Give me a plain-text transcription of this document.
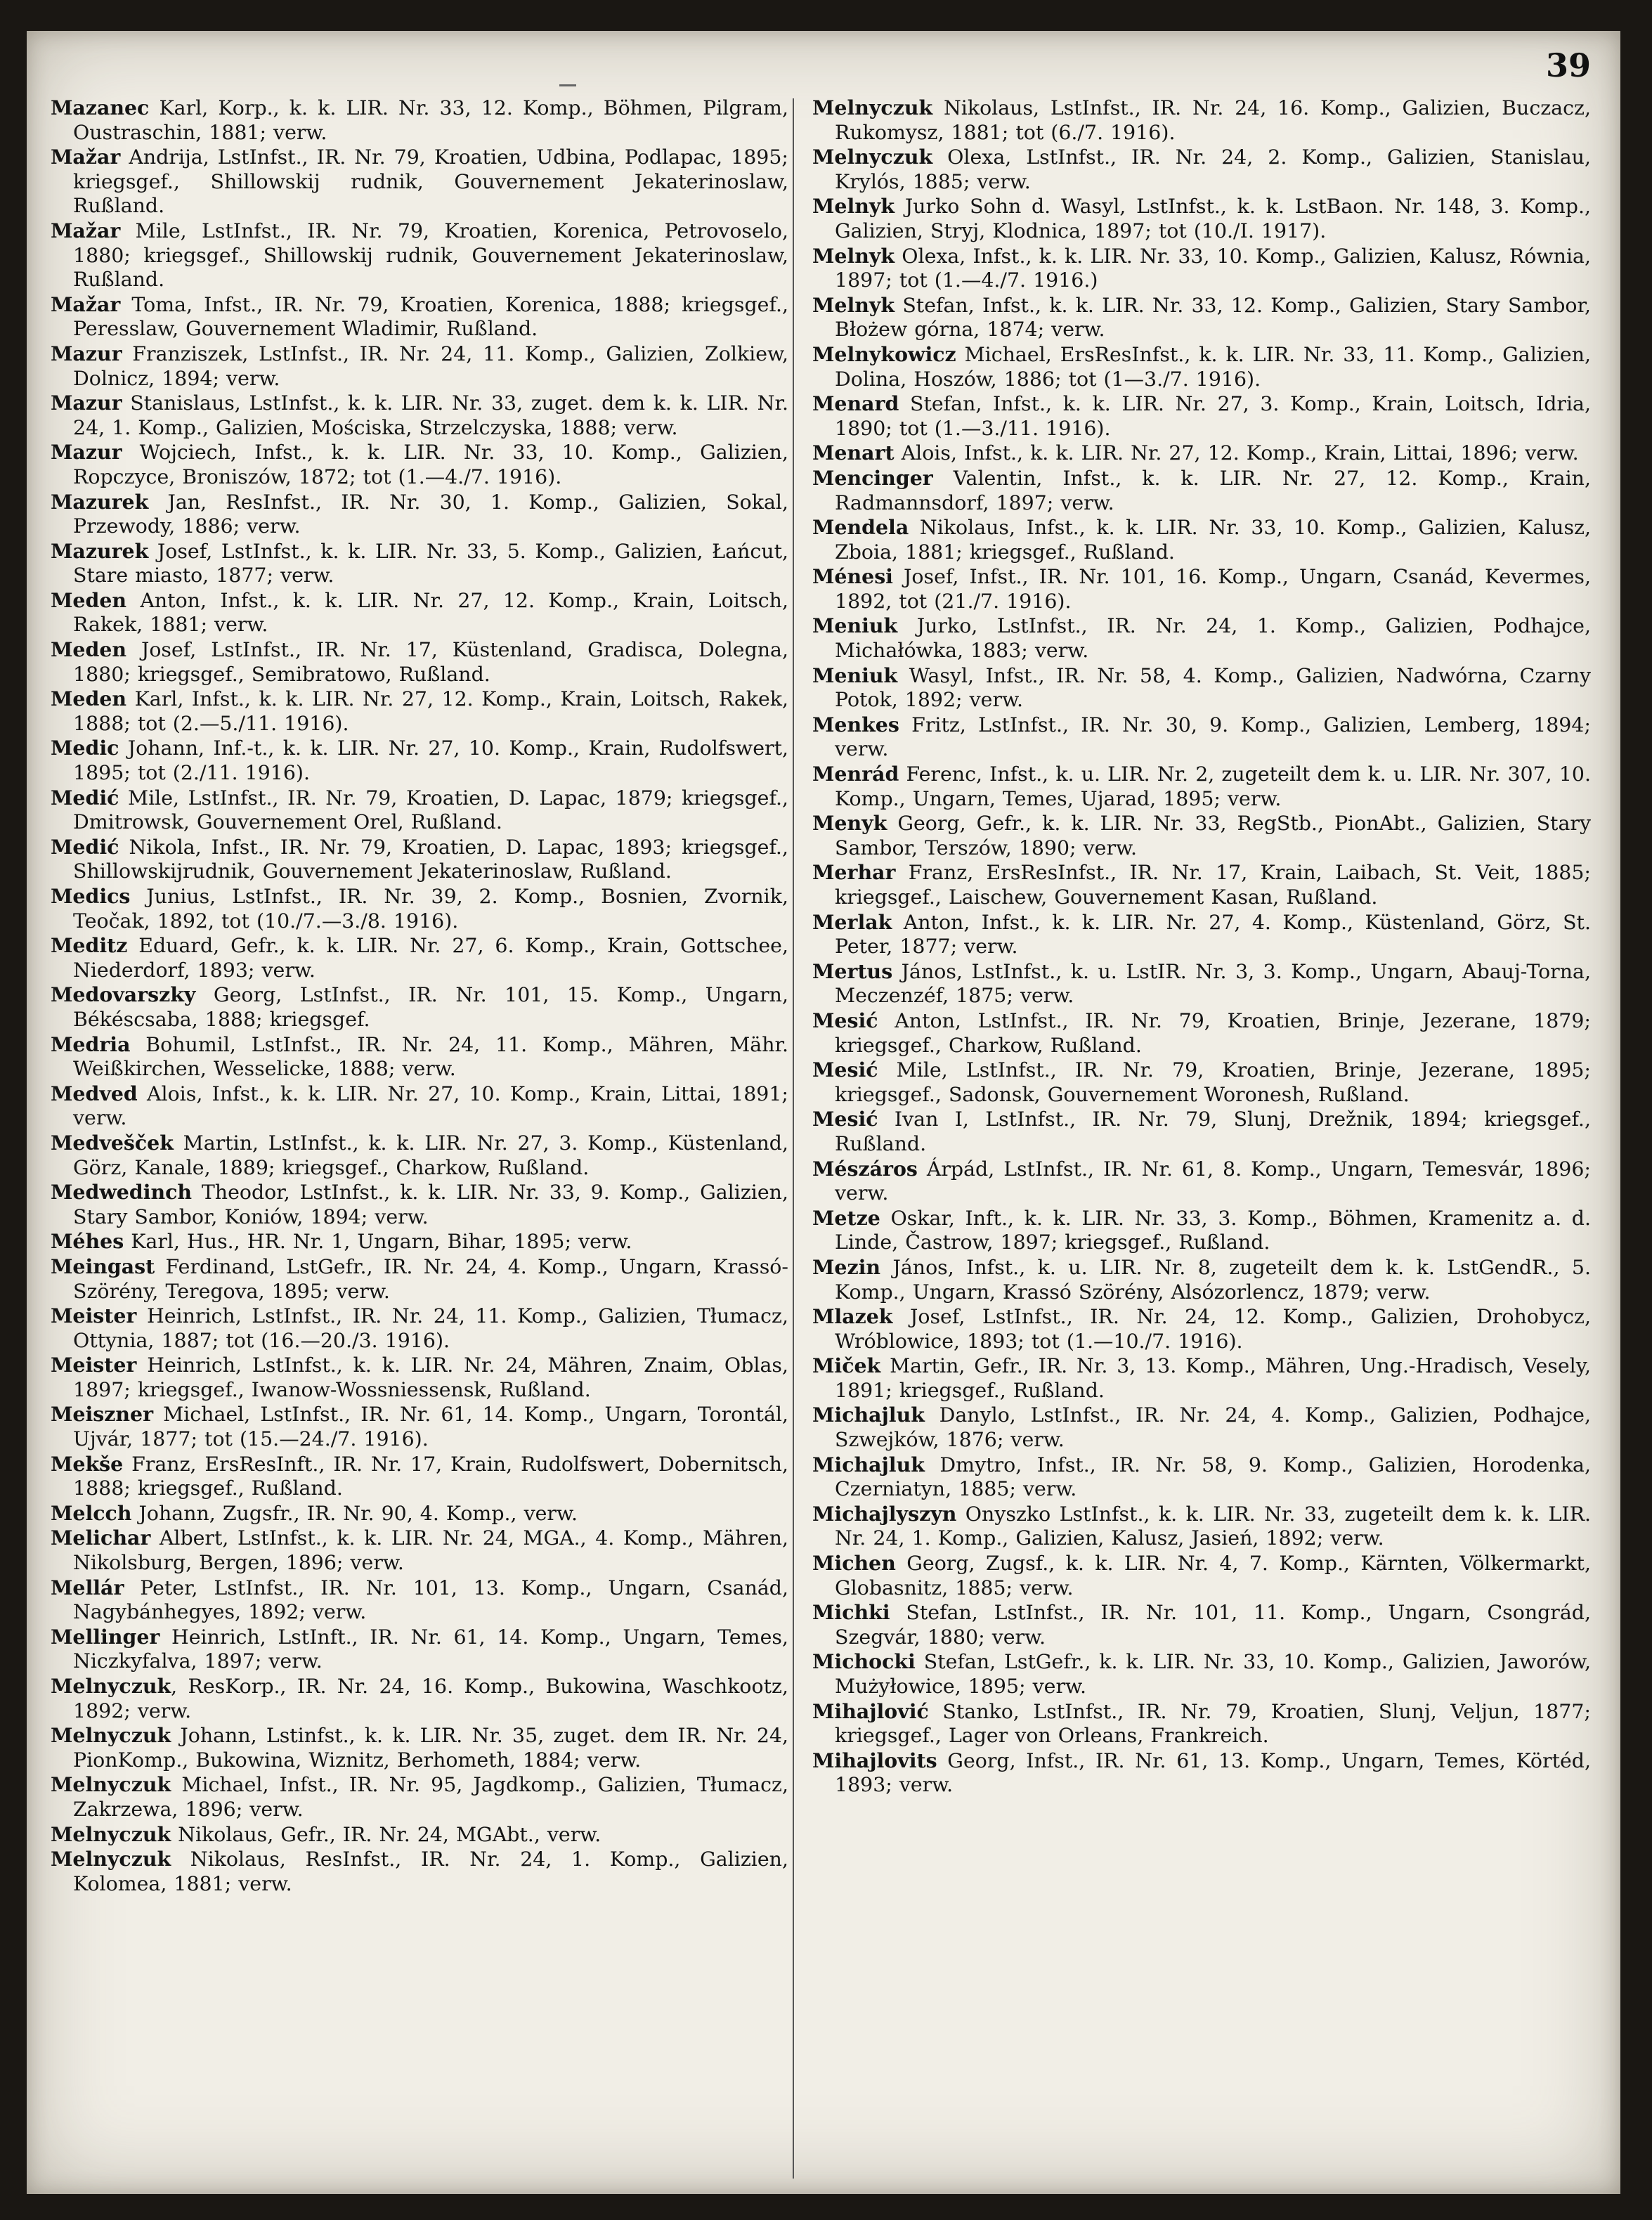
39
Mazanec Karl, Korp., k. k. LIR. Nr. 33, 12. Komp., Böhmen, Pilgram, Oustraschin, 1881; verw.
Mažar Andrija, LstInfst., IR. Nr. 79, Kroatien, Udbina, Podlapac, 1895; kriegsgef., Shillowskij rudnik, Gouvernement Jekaterinoslaw, Rußland.
Mažar Mile, LstInfst., IR. Nr. 79, Kroatien, Korenica, Petrovoselo, 1880; kriegsgef., Shillowskij rudnik, Gouvernement Jekaterinoslaw, Rußland.
Mažar Toma, Infst., IR. Nr. 79, Kroatien, Korenica, 1888; kriegsgef., Peresslaw, Gouvernement Wladimir, Rußland.
Mazur Franziszek, LstInfst., IR. Nr. 24, 11. Komp., Galizien, Zolkiew, Dolnicz, 1894; verw.
Mazur Stanislaus, LstInfst., k. k. LIR. Nr. 33, zuget. dem k. k. LIR. Nr. 24, 1. Komp., Galizien, Mościska, Strzelczyska, 1888; verw.
Mazur Wojciech, Infst., k. k. LIR. Nr. 33, 10. Komp., Galizien, Ropczyce, Broniszów, 1872; tot (1.—4./7. 1916).
Mazurek Jan, ResInfst., IR. Nr. 30, 1. Komp., Galizien, Sokal, Przewody, 1886; verw.
Mazurek Josef, LstInfst., k. k. LIR. Nr. 33, 5. Komp., Galizien, Łańcut, Stare miasto, 1877; verw.
Meden Anton, Infst., k. k. LIR. Nr. 27, 12. Komp., Krain, Loitsch, Rakek, 1881; verw.
Meden Josef, LstInfst., IR. Nr. 17, Küstenland, Gradisca, Dolegna, 1880; kriegsgef., Semibratowo, Rußland.
Meden Karl, Infst., k. k. LIR. Nr. 27, 12. Komp., Krain, Loitsch, Rakek, 1888; tot (2.—5./11. 1916).
Medic Johann, Inf.-t., k. k. LIR. Nr. 27, 10. Komp., Krain, Rudolfswert, 1895; tot (2./11. 1916).
Medić Mile, LstInfst., IR. Nr. 79, Kroatien, D. Lapac, 1879; kriegsgef., Dmitrowsk, Gouvernement Orel, Rußland.
Medić Nikola, Infst., IR. Nr. 79, Kroatien, D. Lapac, 1893; kriegsgef., Shillowskijrudnik, Gouvernement Jekaterinoslaw, Rußland.
Medics Junius, LstInfst., IR. Nr. 39, 2. Komp., Bosnien, Zvornik, Teočak, 1892, tot (10./7.—3./8. 1916).
Meditz Eduard, Gefr., k. k. LIR. Nr. 27, 6. Komp., Krain, Gottschee, Niederdorf, 1893; verw.
Medovarszky Georg, LstInfst., IR. Nr. 101, 15. Komp., Ungarn, Békéscsaba, 1888; kriegsgef.
Medria Bohumil, LstInfst., IR. Nr. 24, 11. Komp., Mähren, Mähr. Weißkirchen, Wesselicke, 1888; verw.
Medved Alois, Infst., k. k. LIR. Nr. 27, 10. Komp., Krain, Littai, 1891; verw.
Medvešček Martin, LstInfst., k. k. LIR. Nr. 27, 3. Komp., Küstenland, Görz, Kanale, 1889; kriegsgef., Charkow, Rußland.
Medwedinch Theodor, LstInfst., k. k. LIR. Nr. 33, 9. Komp., Galizien, Stary Sambor, Koniów, 1894; verw.
Méhes Karl, Hus., HR. Nr. 1, Ungarn, Bihar, 1895; verw.
Meingast Ferdinand, LstGefr., IR. Nr. 24, 4. Komp., Ungarn, Krassó-Szörény, Teregova, 1895; verw.
Meister Heinrich, LstInfst., IR. Nr. 24, 11. Komp., Galizien, Tłumacz, Ottynia, 1887; tot (16.—20./3. 1916).
Meister Heinrich, LstInfst., k. k. LIR. Nr. 24, Mähren, Znaim, Oblas, 1897; kriegsgef., Iwanow-Wossniessensk, Rußland.
Meiszner Michael, LstInfst., IR. Nr. 61, 14. Komp., Ungarn, Torontál, Ujvár, 1877; tot (15.—24./7. 1916).
Mekše Franz, ErsResInft., IR. Nr. 17, Krain, Rudolfswert, Dobernitsch, 1888; kriegsgef., Rußland.
Melcch Johann, Zugsfr., IR. Nr. 90, 4. Komp., verw.
Melichar Albert, LstInfst., k. k. LIR. Nr. 24, MGA., 4. Komp., Mähren, Nikolsburg, Bergen, 1896; verw.
Mellár Peter, LstInfst., IR. Nr. 101, 13. Komp., Ungarn, Csanád, Nagybánhegyes, 1892; verw.
Mellinger Heinrich, LstInft., IR. Nr. 61, 14. Komp., Ungarn, Temes, Niczkyfalva, 1897; verw.
Melnyczuk, ResKorp., IR. Nr. 24, 16. Komp., Bukowina, Waschkootz, 1892; verw.
Melnyczuk Johann, Lstinfst., k. k. LIR. Nr. 35, zuget. dem IR. Nr. 24, PionKomp., Bukowina, Wiznitz, Berhometh, 1884; verw.
Melnyczuk Michael, Infst., IR. Nr. 95, Jagdkomp., Galizien, Tłumacz, Zakrzewa, 1896; verw.
Melnyczuk Nikolaus, Gefr., IR. Nr. 24, MGAbt., verw.
Melnyczuk Nikolaus, ResInfst., IR. Nr. 24, 1. Komp., Galizien, Kolomea, 1881; verw.
Melnyczuk Nikolaus, LstInfst., IR. Nr. 24, 16. Komp., Galizien, Buczacz, Rukomysz, 1881; tot (6./7. 1916).
Melnyczuk Olexa, LstInfst., IR. Nr. 24, 2. Komp., Galizien, Stanislau, Krylós, 1885; verw.
Melnyk Jurko Sohn d. Wasyl, LstInfst., k. k. LstBaon. Nr. 148, 3. Komp., Galizien, Stryj, Klodnica, 1897; tot (10./I. 1917).
Melnyk Olexa, Infst., k. k. LIR. Nr. 33, 10. Komp., Galizien, Kalusz, Równia, 1897; tot (1.—4./7. 1916.)
Melnyk Stefan, Infst., k. k. LIR. Nr. 33, 12. Komp., Galizien, Stary Sambor, Błożew górna, 1874; verw.
Melnykowicz Michael, ErsResInfst., k. k. LIR. Nr. 33, 11. Komp., Galizien, Dolina, Hoszów, 1886; tot (1—3./7. 1916).
Menard Stefan, Infst., k. k. LIR. Nr. 27, 3. Komp., Krain, Loitsch, Idria, 1890; tot (1.—3./11. 1916).
Menart Alois, Infst., k. k. LIR. Nr. 27, 12. Komp., Krain, Littai, 1896; verw.
Mencinger Valentin, Infst., k. k. LIR. Nr. 27, 12. Komp., Krain, Radmannsdorf, 1897; verw.
Mendela Nikolaus, Infst., k. k. LIR. Nr. 33, 10. Komp., Galizien, Kalusz, Zboia, 1881; kriegsgef., Rußland.
Ménesi Josef, Infst., IR. Nr. 101, 16. Komp., Ungarn, Csanád, Kevermes, 1892, tot (21./7. 1916).
Meniuk Jurko, LstInfst., IR. Nr. 24, 1. Komp., Galizien, Podhajce, Michałówka, 1883; verw.
Meniuk Wasyl, Infst., IR. Nr. 58, 4. Komp., Galizien, Nadwórna, Czarny Potok, 1892; verw.
Menkes Fritz, LstInfst., IR. Nr. 30, 9. Komp., Galizien, Lemberg, 1894; verw.
Menrád Ferenc, Infst., k. u. LIR. Nr. 2, zugeteilt dem k. u. LIR. Nr. 307, 10. Komp., Ungarn, Temes, Ujarad, 1895; verw.
Menyk Georg, Gefr., k. k. LIR. Nr. 33, RegStb., PionAbt., Galizien, Stary Sambor, Terszów, 1890; verw.
Merhar Franz, ErsResInfst., IR. Nr. 17, Krain, Laibach, St. Veit, 1885; kriegsgef., Laischew, Gouvernement Kasan, Rußland.
Merlak Anton, Infst., k. k. LIR. Nr. 27, 4. Komp., Küstenland, Görz, St. Peter, 1877; verw.
Mertus János, LstInfst., k. u. LstIR. Nr. 3, 3. Komp., Ungarn, Abauj-Torna, Meczenzéf, 1875; verw.
Mesić Anton, LstInfst., IR. Nr. 79, Kroatien, Brinje, Jezerane, 1879; kriegsgef., Charkow, Rußland.
Mesić Mile, LstInfst., IR. Nr. 79, Kroatien, Brinje, Jezerane, 1895; kriegsgef., Sadonsk, Gouvernement Woronesh, Rußland.
Mesić Ivan I, LstInfst., IR. Nr. 79, Slunj, Drežnik, 1894; kriegsgef., Rußland.
Mészáros Árpád, LstInfst., IR. Nr. 61, 8. Komp., Ungarn, Temesvár, 1896; verw.
Metze Oskar, Inft., k. k. LIR. Nr. 33, 3. Komp., Böhmen, Kramenitz a. d. Linde, Častrow, 1897; kriegsgef., Rußland.
Mezin János, Infst., k. u. LIR. Nr. 8, zugeteilt dem k. k. LstGendR., 5. Komp., Ungarn, Krassó Szörény, Alsózorlencz, 1879; verw.
Mlazek Josef, LstInfst., IR. Nr. 24, 12. Komp., Galizien, Drohobycz, Wróblowice, 1893; tot (1.—10./7. 1916).
Miček Martin, Gefr., IR. Nr. 3, 13. Komp., Mähren, Ung.-Hradisch, Vesely, 1891; kriegsgef., Rußland.
Michajluk Danylo, LstInfst., IR. Nr. 24, 4. Komp., Galizien, Podhajce, Szwejków, 1876; verw.
Michajluk Dmytro, Infst., IR. Nr. 58, 9. Komp., Galizien, Horodenka, Czerniatyn, 1885; verw.
Michajlyszyn Onyszko LstInfst., k. k. LIR. Nr. 33, zugeteilt dem k. k. LIR. Nr. 24, 1. Komp., Galizien, Kalusz, Jasień, 1892; verw.
Michen Georg, Zugsf., k. k. LIR. Nr. 4, 7. Komp., Kärnten, Völkermarkt, Globasnitz, 1885; verw.
Michki Stefan, LstInfst., IR. Nr. 101, 11. Komp., Ungarn, Csongrád, Szegvár, 1880; verw.
Michocki Stefan, LstGefr., k. k. LIR. Nr. 33, 10. Komp., Galizien, Jaworów, Mużyłowice, 1895; verw.
Mihajlović Stanko, LstInfst., IR. Nr. 79, Kroatien, Slunj, Veljun, 1877; kriegsgef., Lager von Orleans, Frankreich.
Mihajlovits Georg, Infst., IR. Nr. 61, 13. Komp., Ungarn, Temes, Körtéd, 1893; verw.
